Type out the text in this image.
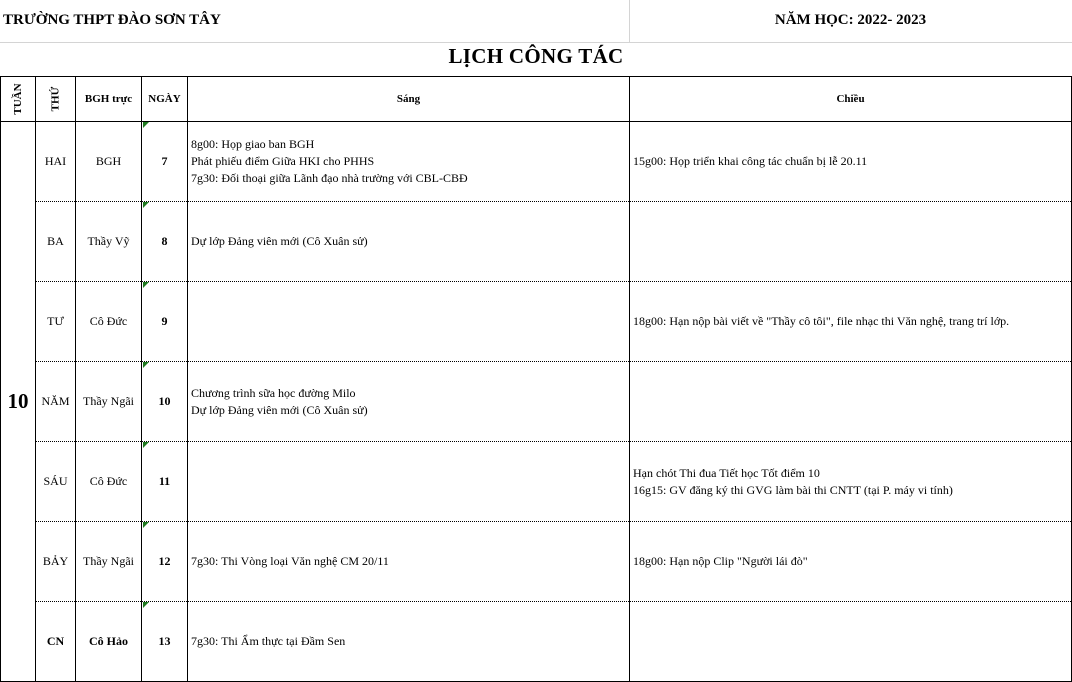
TRƯỜNG THPT ĐÀO SƠN TÂY	NĂM HỌC: 2022- 2023
LỊCH CÔNG TÁC
TUẦN	THỨ	BGH trực	NGÀY	Sáng	Chiều
10	HAI	BGH	7	8g00: Họp giao ban BGH
Phát phiếu điểm Giữa HKI cho PHHS
7g30: Đối thoại giữa Lãnh đạo nhà trường với CBL-CBĐ	15g00: Họp triển khai công tác chuẩn bị lễ 20.11

	BA	Thầy Vỹ	8	Dự lớp Đảng viên mới (Cô Xuân sử)	

	TƯ	Cô Đức	9		18g00: Hạn nộp bài viết về "Thầy cô tôi", file nhạc thi Văn nghệ, trang trí lớp.

	NĂM	Thầy Ngãi	10	Chương trình sữa học đường Milo
Dự lớp Đảng viên mới (Cô Xuân sử)	

	SÁU	Cô Đức	11		Hạn chót Thi đua Tiết học Tốt điểm 10
16g15: GV đăng ký thi GVG làm bài thi CNTT (tại P. máy vi tính)

	BẢY	Thầy Ngãi	12	7g30: Thi Vòng loại Văn nghệ CM 20/11	18g00: Hạn nộp Clip "Người lái đò"

	CN	Cô Hảo	13	7g30: Thi Ẩm thực tại Đầm Sen	
